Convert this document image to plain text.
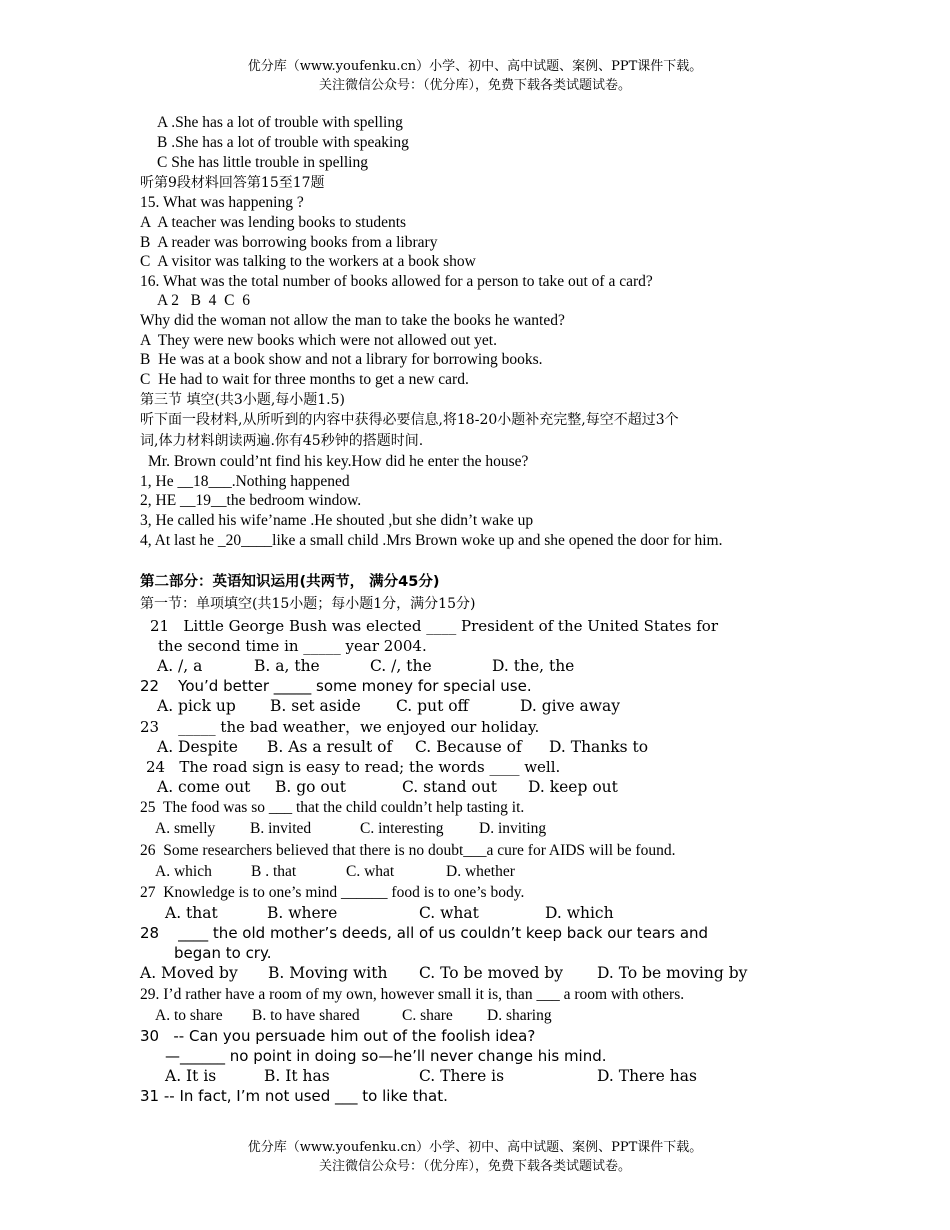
优分库（www.youfenku.cn）小学、初中、高中试题、案例、PPT课件下载。
关注微信公众号：（优分库），免费下载各类试题试卷。
A .She has a lot of trouble with spelling
B .She has a lot of trouble with speaking
C She has little trouble in spelling
听第9段材料回答第15至17题
15. What was happening ?
A  A teacher was lending books to students
B  A reader was borrowing books from a library
C  A visitor was talking to the workers at a book show
16. What was the total number of books allowed for a person to take out of a card?
A 2   B  4  C  6
Why did the woman not allow the man to take the books he wanted?
A  They were new books which were not allowed out yet.
B  He was at a book show and not a library for borrowing books.
C  He had to wait for three months to get a new card.
第三节 填空(共3小题,每小题1.5)
听下面一段材料,从所听到的内容中获得必要信息,将18-20小题补充完整,每空不超过3个
词,体力材料朗读两遍.你有45秒钟的搭题时间.
Mr. Brown could’nt find his key.How did he enter the house?
1, He __18___.Nothing happened
2, HE __19__the bedroom window.
3, He called his wife’name .He shouted ,but she didn’t wake up
4, At last he _20____like a small child .Mrs Brown woke up and she opened the door for him.
第二部分：英语知识运用(共两节， 满分45分)
第一节：单项填空(共15小题；每小题1分，满分15分)
21   Little George Bush was elected ____ President of the United States for
the second time in _____ year 2004.
A. /, a	B. a, the	C. /, the	D. the, the
22    You’d better _____ some money for special use.
A. pick up B. set aside C. put off	D. give away
23    _____ the bad weather，we enjoyed our holiday.
A. Despite B. As a result of C. Because of D. Thanks to
24   The road sign is easy to read; the words ____ well.
A. come out B. go out	C. stand out D. keep out
25  The food was so ___ that the child couldn’t help tasting it.
A. smelly B. invited	C. interesting D. inviting
26  Some researchers believed that there is no doubt___a cure for AIDS will be found.
A. which	B . that	C. what	D. whether
27  Knowledge is to one’s mind ______ food is to one’s body.
A. that	B. where	C. what	D. which
28    ____ the old mother’s deeds, all of us couldn’t keep back our tears and
began to cry.
A. Moved by B. Moving with C. To be moved by D. To be moving by
29. I’d rather have a room of my own, however small it is, than ___ a room with others.
A. to share B. to have shared	C. share D. sharing
30   -- Can you persuade him out of the foolish idea?
—______ no point in doing so—he’ll never change his mind.
A. It is	B. It has	C. There is	D. There has
31 -- In fact, I’m not used ___ to like that.
优分库（www.youfenku.cn）小学、初中、高中试题、案例、PPT课件下载。
关注微信公众号：（优分库），免费下载各类试题试卷。
